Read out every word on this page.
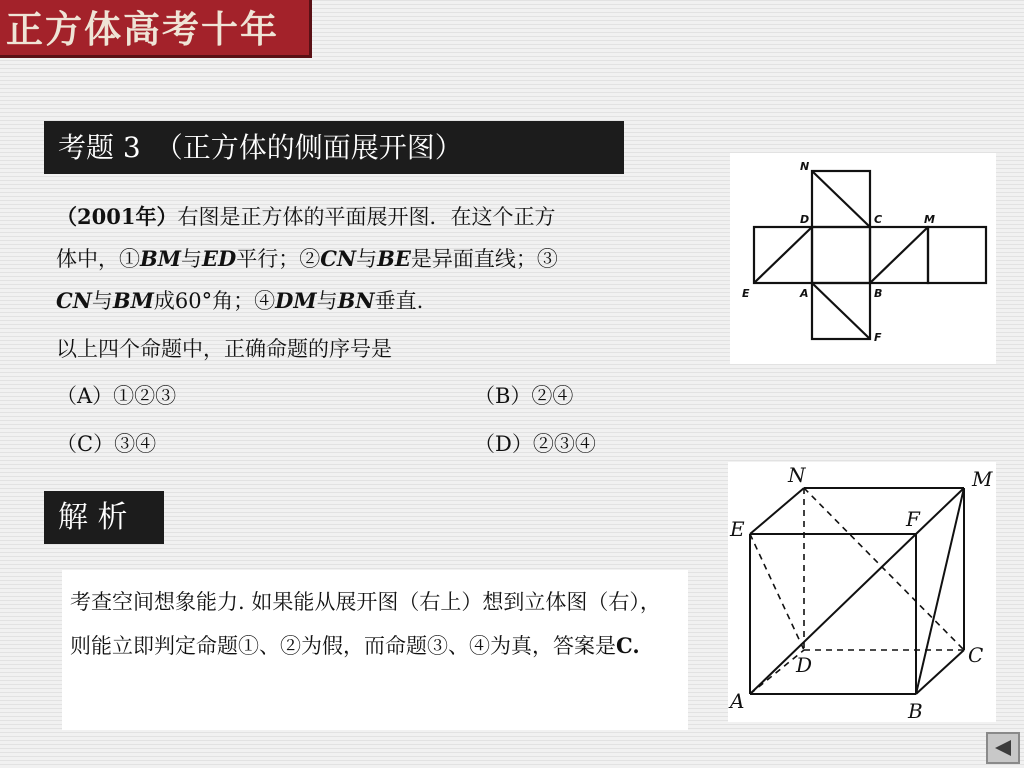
正方体高考十年
考题 3　（正方体的侧面展开图）

（2001年）右图是正方体的平面展开图．在这个正方

体中，①BM与ED平行；②CN与BE是异面直线；③

CN与BM成60°角；④DM与BN垂直.

以上四个命题中，正确命题的序号是

（A）①②③	（B）②④
（C）③④	（D）②③④
解 析
考查空间想象能力. 如果能从展开图（右上）想到立体图（右），则能立即判定命题①、②为假，而命题③、④为真，答案是C.
N
D	C	M
E	A	B
F
N	M
E	F
D	C
A	B
